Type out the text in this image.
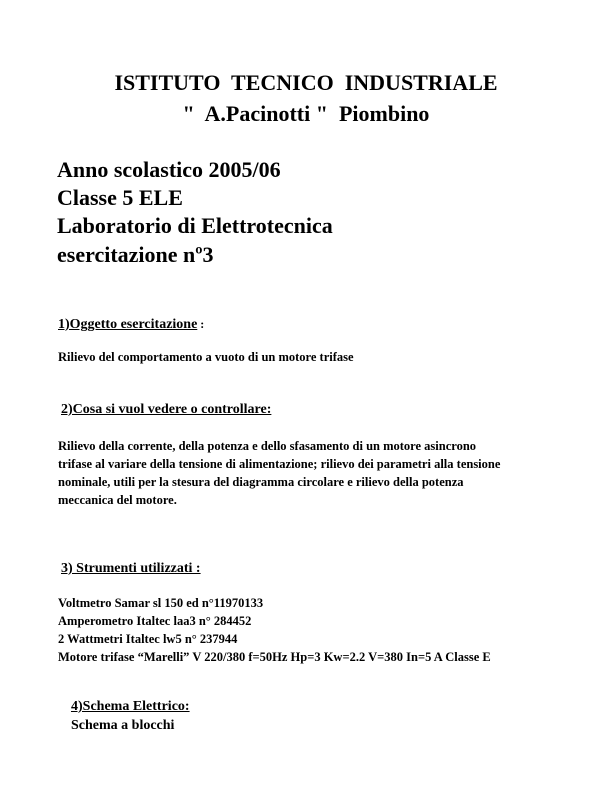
ISTITUTO  TECNICO  INDUSTRIALE
"  A.Pacinotti "  Piombino
Anno scolastico 2005/06
Classe 5 ELE
Laboratorio di Elettrotecnica
esercitazione nº3
1)Oggetto esercitazione :
Rilievo del comportamento a vuoto di un motore trifase
2)Cosa si vuol vedere o controllare:
Rilievo della corrente, della potenza e dello sfasamento di un motore asincrono
trifase al variare della tensione di alimentazione; rilievo dei parametri alla tensione
nominale, utili per la stesura del diagramma circolare e rilievo della potenza
meccanica del motore.
3) Strumenti utilizzati :
Voltmetro Samar sl 150 ed n°11970133
Amperometro Italtec laa3 n° 284452
2 Wattmetri Italtec lw5 n° 237944
Motore trifase “Marelli” V 220/380 f=50Hz Hp=3 Kw=2.2 V=380 In=5 A Classe E
4)Schema Elettrico:
Schema a blocchi
